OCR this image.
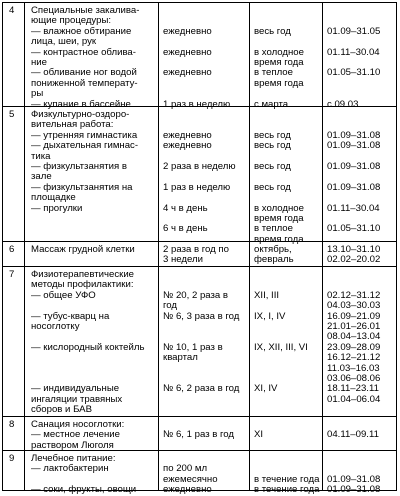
4 Специальные закалива-
ющие процедуры:
— влажное обтирание
лица, шеи, рук
— контрастное облива-
ние
— обливание ног водой
пониженной температу-
ры
— купание в бассейне
ежедневно
ежедневно
ежедневно
1 раз в неделю
весь год
в холодное
время года
в теплое
время года
с марта
01.09–31.05
01.11–30.04
01.05–31.10
с 09.03
5 Физкультурно-оздоро-
вительная работа:
— утренняя гимнастика
— дыхательная гимнас-
тика
— физкультзанятия в
зале
— физкультзанятия на
площадке
— прогулки
ежедневно
ежедневно
2 раза в неделю
1 раз в неделю
4 ч в день
6 ч в день
весь год
весь год
весь год
весь год
в холодное
время года
в теплое
время года
01.09–31.08
01.09–31.08
01.09–31.08
01.09–31.08
01.11–30.04
01.05–31.10
6 Массаж грудной клетки	2 раза в год по
3 недели
октябрь,
февраль
13.10–31.10
02.02–20.02
7 Физиотерапевтические
методы профилактики:
— общее УФО

— тубус-кварц на
носоглотку

— кислородный коктейль

— индивидуальные
ингаляции травяных
сборов и БАВ
№ 20, 2 раза в
год
№ 6, 3 раза в год
№ 10, 1 раз в
квартал
№ 6, 2 раза в год
XII, III
IX, I, IV
IX, XII, III, VI
XI, IV
02.12–31.12
04.03–30.03
16.09–21.09
21.01–26.01
08.04–13.04
23.09–28.09
16.12–21.12
11.03–16.03
03.06–08.06
18.11–23.11
01.04–06.04
8 Санация носоглотки:
— местное лечение
раствором Люголя
№ 6, 1 раз в год XI	04.11–09.11
9 Лечебное питание:
— лактобактерин

— соки, фрукты, овощи
по 200 мл
ежемесячно
ежедневно
в течение года
в течение года
01.09–31.08
01.09–31.08
